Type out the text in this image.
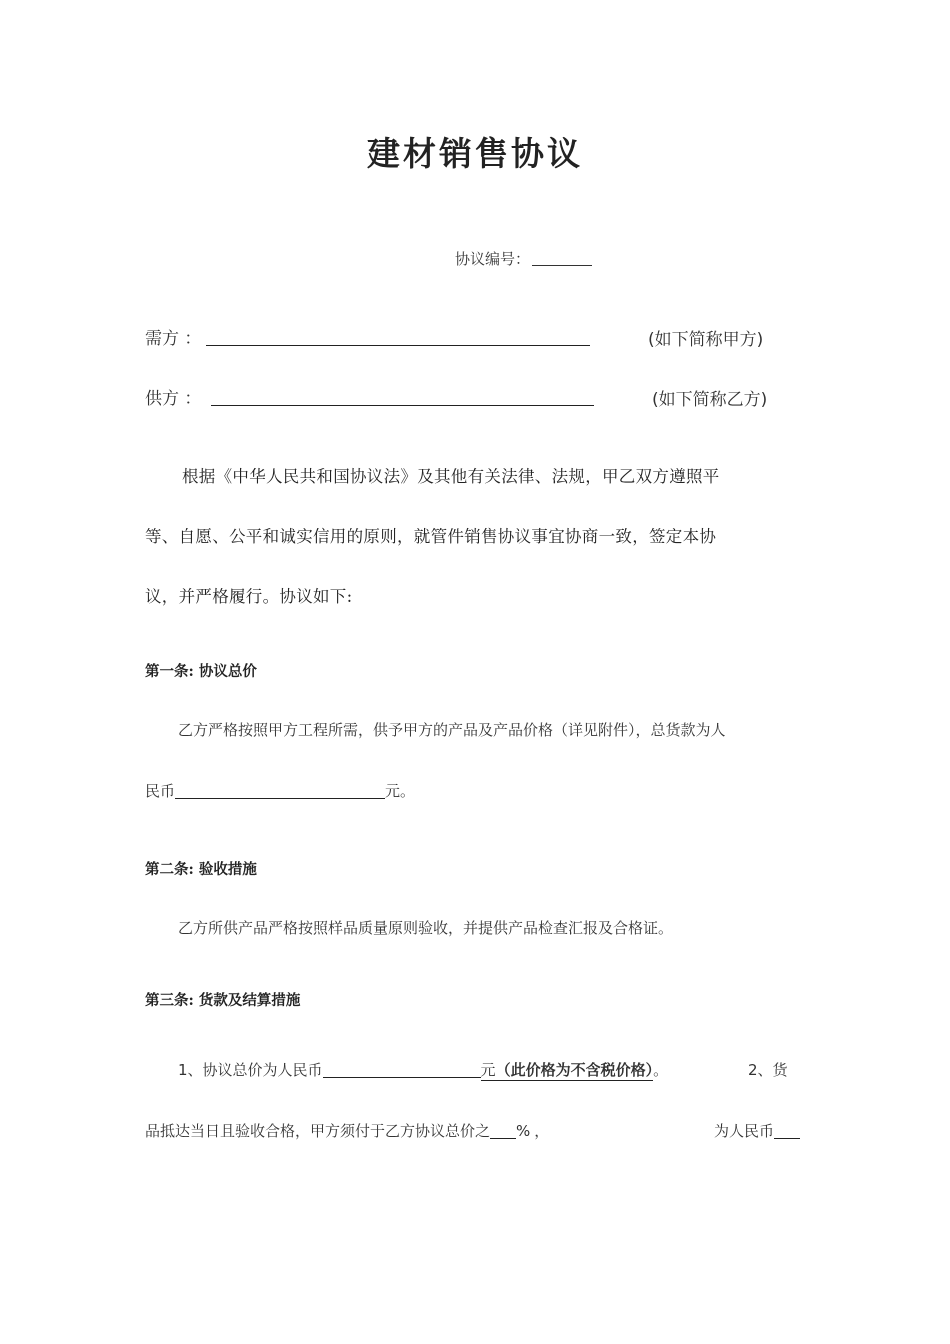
建材销售协议
协议编号：
需方 ：	(如下简称甲方)
供方 ：	(如下简称乙方)
根据《中华人民共和国协议法》及其他有关法律、法规，甲乙双方遵照平
等、自愿、公平和诚实信用的原则，就管件销售协议事宜协商一致，签定本协
议，并严格履行。协议如下:
第一条: 协议总价
乙方严格按照甲方工程所需，供予甲方的产品及产品价格（详见附件），总货款为人
民币	元。
第二条: 验收措施
乙方所供产品严格按照样品质量原则验收，并提供产品检查汇报及合格证。
第三条: 货款及结算措施
1、协议总价为人民币	元（此价格为不含税价格）。	2、货
品抵达当日且验收合格，甲方须付于乙方协议总价之 % ，	为人民币
